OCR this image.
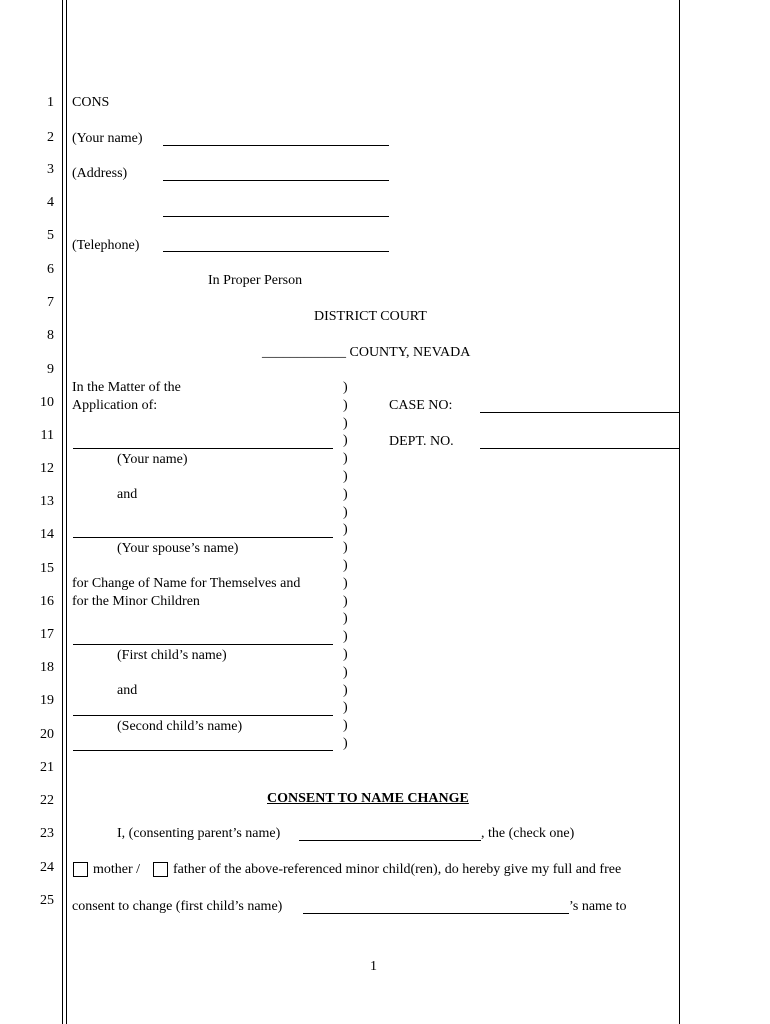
1
2
3
4
5
6
7
8
9
10
11
12
13
14
15
16
17
18
19
20
21
22
23
24
25
CONS
(Your name)
(Address)
(Telephone)
In Proper Person
DISTRICT COURT
____________ COUNTY, NEVADA
In the Matter of the
Application of:
(Your name)
and
(Your spouse’s name)
for Change of Name for Themselves and
for the Minor Children
(First child’s name)
and
(Second child’s name)
)
)
)
)
)
)
)
)
)
)
)
)
)
)
)
)
)
)
)
)
)
CASE NO:
DEPT. NO.
CONSENT TO NAME CHANGE
I, (consenting parent’s name)	, the (check one)
mother / father of the above-referenced minor child(ren), do hereby give my full and free
consent to change (first child’s name)	’s name to
1
